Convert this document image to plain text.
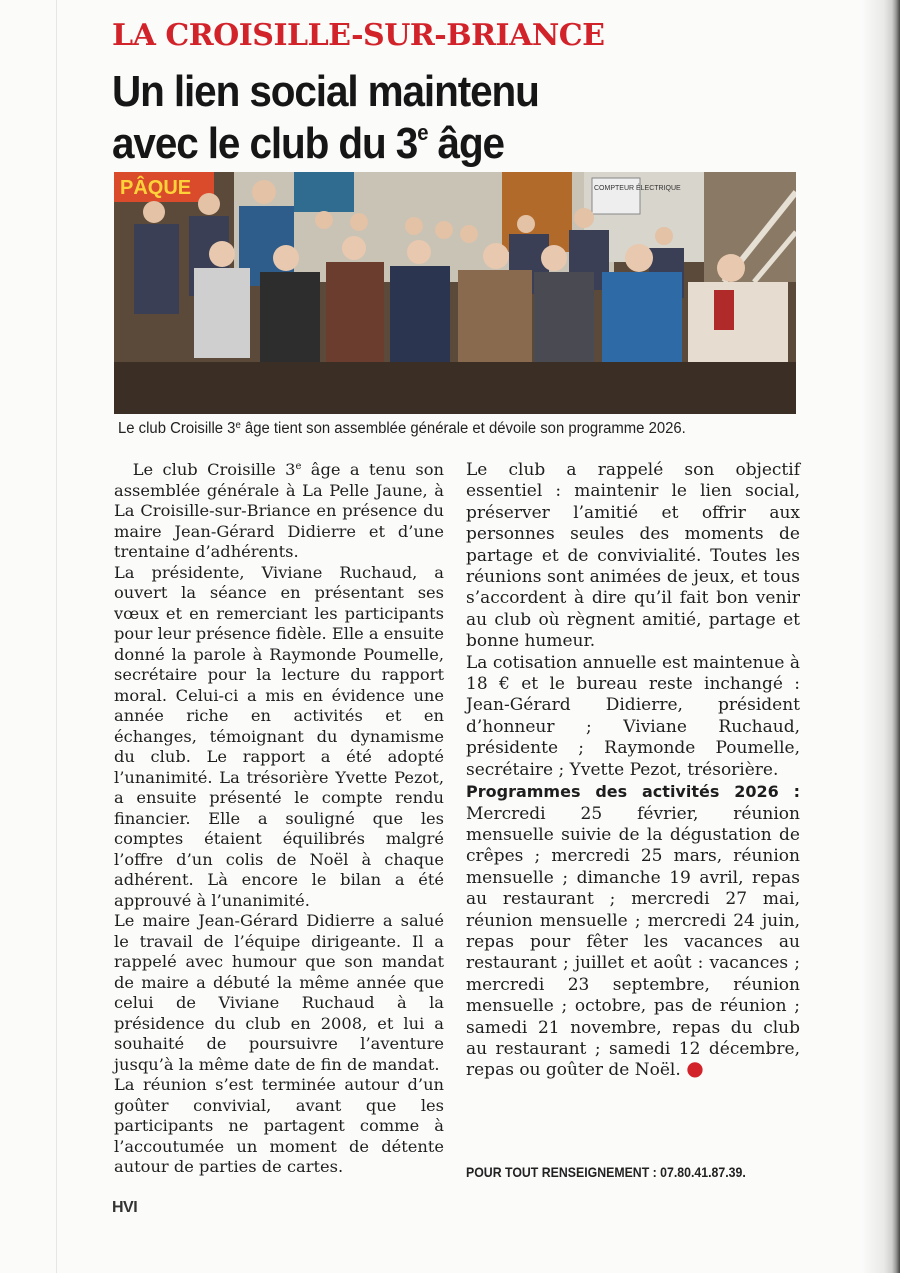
LA CROISILLE-SUR-BRIANCE
Un lien social maintenu
avec le club du 3e âge
COMPTEUR ÉLECTRIQUE
PÂQUE
Le club Croisille 3e âge tient son assemblée générale et dévoile son programme 2026.

Le club Croisille 3e âge a tenu son assemblée générale à La Pelle Jaune, à La Croisille-sur-Briance en présence du maire Jean-Gérard Didierre et d’une trentaine d’adhérents.

La présidente, Viviane Ruchaud, a ouvert la séance en présentant ses vœux et en remerciant les participants pour leur présence fidèle. Elle a ensuite donné la parole à Raymonde Poumelle, secrétaire pour la lecture du rapport moral. Celui-ci a mis en évidence une année riche en activités et en échanges, témoignant du dynamisme du club. Le rapport a été adopté l’unanimité. La trésorière Yvette Pezot, a ensuite présenté le compte rendu financier. Elle a souligné que les comptes étaient équilibrés malgré l’offre d’un colis de Noël à chaque adhérent. Là encore le bilan a été approuvé à l’unanimité.

Le maire Jean-Gérard Didierre a salué le travail de l’équipe dirigeante. Il a rappelé avec humour que son mandat de maire a débuté la même année que celui de Viviane Ruchaud à la présidence du club en 2008, et lui a souhaité de poursuivre l’aventure jusqu’à la même date de fin de mandat.

La réunion s’est terminée autour d’un goûter convivial, avant que les participants ne partagent comme à l’accoutumée un moment de détente autour de parties de cartes.

Le club a rappelé son objectif essentiel : maintenir le lien social, préserver l’amitié et offrir aux personnes seules des moments de partage et de convivialité. Toutes les réunions sont animées de jeux, et tous s’accordent à dire qu’il fait bon venir au club où règnent amitié, partage et bonne humeur.

La cotisation annuelle est maintenue à 18 € et le bureau reste inchangé : Jean-Gérard Didierre, président d’honneur ; Viviane Ruchaud, présidente ; Raymonde Poumelle, secrétaire ; Yvette Pezot, trésorière.

Programmes des activités 2026 : Mercredi 25 février, réunion mensuelle suivie de la dégustation de crêpes ; mercredi 25 mars, réunion mensuelle ; dimanche 19 avril, repas au restaurant ; mercredi 27 mai, réunion mensuelle ; mercredi 24 juin, repas pour fêter les vacances au restaurant ; juillet et août : vacances ; mercredi 23 septembre, réunion mensuelle ; octobre, pas de réunion ; samedi 21 novembre, repas du club au restaurant ; samedi 12 décembre, repas ou goûter de Noël. ●

POUR TOUT RENSEIGNEMENT : 07.80.41.87.39.
HVI
